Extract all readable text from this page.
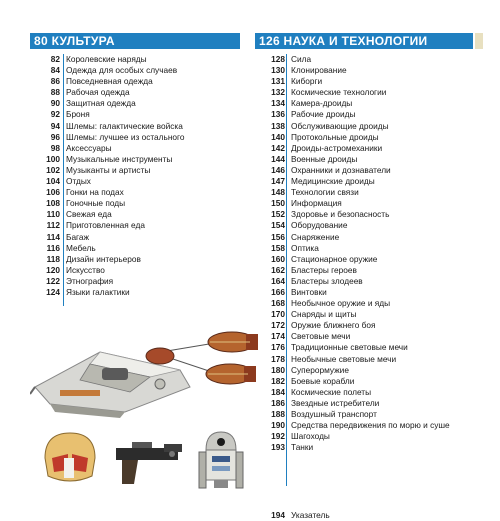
80 КУЛЬТУРА	126 НАУКА И ТЕХНОЛОГИИ
82 Королевские наряды
84 Одежда для особых случаев
86 Повседневная одежда
88 Рабочая одежда
90 Защитная одежда
92 Броня
94 Шлемы: галактические войска
96 Шлемы: лучшее из остального
98 Аксессуары
100 Музыкальные инструменты
102 Музыканты и артисты
104 Отдых
106 Гонки на подах
108 Гоночные поды
110 Свежая еда
112 Приготовленная еда
114 Багаж
116 Мебель
118 Дизайн интерьеров
120 Искусство
122 Этнография
124 Языки галактики
128 Сила
130 Клонирование
131 Киборги
132 Космические технологии
134 Камера-дроиды
136 Рабочие дроиды
138 Обслуживающие дроиды
140 Протокольные дроиды
142 Дроиды-астромеханики
144 Военные дроиды
146 Охранники и дознаватели
147 Медицинские дроиды
148 Технологии связи
150 Информация
152 Здоровье и безопасность
154 Оборудование
156 Снаряжение
158 Оптика
160 Стационарное оружие
162 Бластеры героев
164 Бластеры злодеев
166 Винтовки
168 Необычное оружие и яды
170 Снаряды и щиты
172 Оружие ближнего боя
174 Световые мечи
176 Традиционные световые мечи
178 Необычные световые мечи
180 Суперормужие
182 Боевые корабли
184 Космические полеты
186 Звездные истребители
188 Воздушный транспорт
190 Средства передвижения по морю и суше
192 Шагоходы
193 Танки
194 Указатель
